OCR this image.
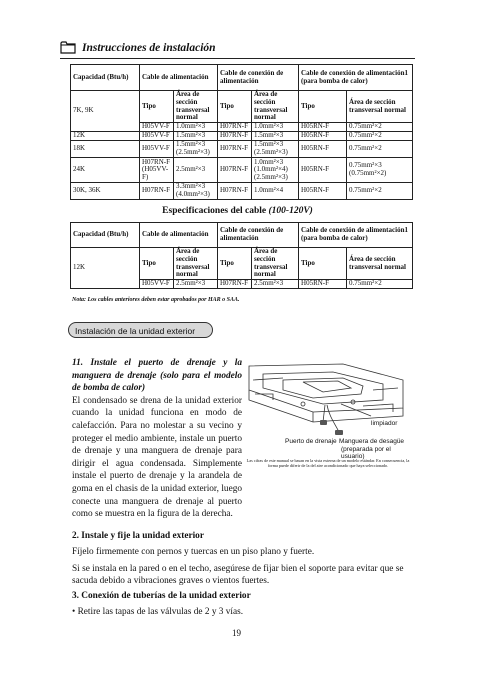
Instrucciones de instalación
Capacidad (Btu/h)	Cable de alimentación		Cable de conexión de alimentación		Cable de conexión de alimentación1 (para bomba de calor)	
7K, 9K	Tipo	Área de sección transversal normal	Tipo	Área de sección transversal normal	Tipo	Área de sección transversal normal
	H05VV-F	1.0mm²×3	H07RN-F	1.0mm²×3	H05RN-F	0.75mm²×2
12K	H05VV-F	1.5mm²×3	H07RN-F	1.5mm²×3	H05RN-F	0.75mm²×2
18K	H05VV-F	1.5mm²×3 (2.5mm²×3)	H07RN-F	1.5mm²×3 (2.5mm²×3)	H05RN-F	0.75mm²×2
24K	H07RN-F (H05VV-F)	2.5mm²×3	H07RN-F	1.0mm²×3 (1.0mm²×4) (2.5mm²×3)	H05RN-F	0.75mm²×3 (0.75mm²×2)
30K, 36K	H07RN-F	3.3mm²×3 (4.0mm²×3)	H07RN-F	1.0mm²×4	H05RN-F	0.75mm²×2
Especificaciones del cable (100-120V)
Capacidad (Btu/h)	Cable de alimentación		Cable de conexión de alimentación		Cable de conexión de alimentación1 (para bomba de calor)	
12K	Tipo	Área de sección transversal normal	Tipo	Área de sección transversal normal	Tipo	Área de sección transversal normal
	H05VV-F	2.5mm²×3	H07RN-F	2.5mm²×3	H05RN-F	0.75mm²×2
Nota: Los cables anteriores deben estar aprobados por HAR o SAA.
Instalación de la unidad exterior
11. Instale el puerto de drenaje y la manguera de drenaje (solo para el modelo de bomba de calor)
El condensado se drena de la unidad exterior cuando la unidad funciona en modo de calefacción. Para no molestar a su vecino y proteger el medio ambiente, instale un puerto de drenaje y una manguera de drenaje para dirigir el agua condensada. Simplemente instale el puerto de drenaje y la arandela de goma en el chasis de la unidad exterior, luego conecte una manguera de drenaje al puerto como se muestra en la figura de la derecha.
limpiador
Puerto de drenaje Manguera de desagüe
(preparada por el usuario)
Las cifras de este manual se basan en la vista externa de un modelo estándar. En consecuencia, la forma puede diferir de la del aire acondicionado que haya seleccionado.
2. Instale y fije la unidad exterior
Fíjelo firmemente con pernos y tuercas en un piso plano y fuerte.
Si se instala en la pared o en el techo, asegúrese de fijar bien el soporte para evitar que se sacuda debido a vibraciones graves o vientos fuertes.
3. Conexión de tuberías de la unidad exterior
• Retire las tapas de las válvulas de 2 y 3 vías.
19
